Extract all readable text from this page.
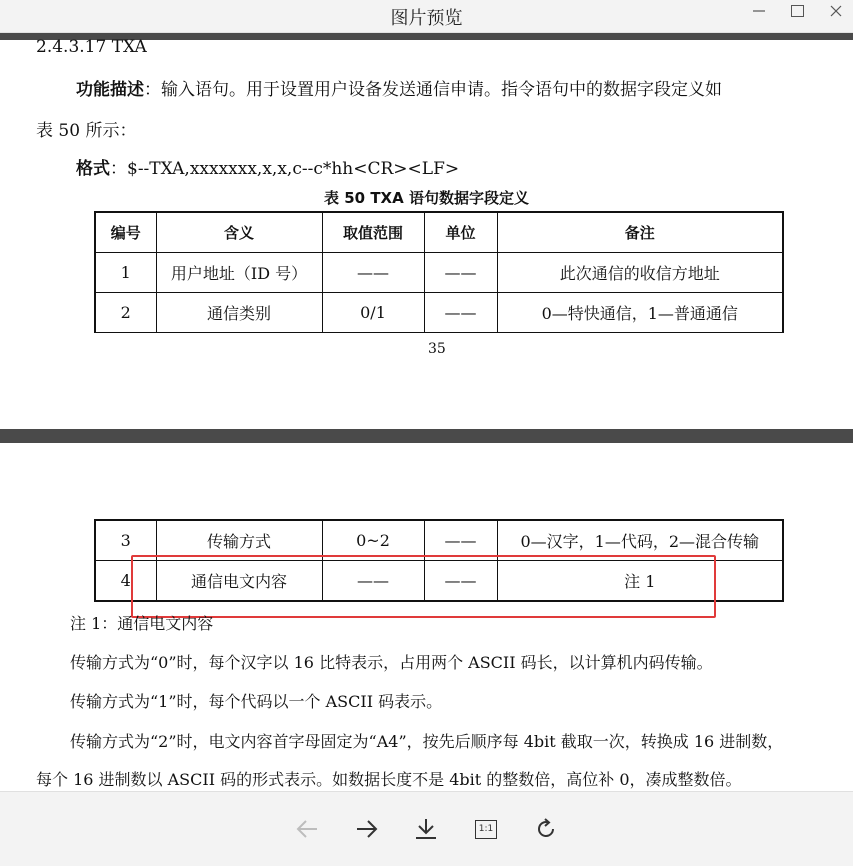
图片预览
2.4.3.17 TXA
功能描述：输入语句。用于设置用户设备发送通信申请。指令语句中的数据字段定义如
表 50 所示：
格式：$--TXA,xxxxxxx,x,x,c--c*hh<CR><LF>
表 50 TXA 语句数据字段定义
编号	含义	取值范围	单位	备注
1	用户地址（ID 号）	——	——	此次通信的收信方地址
2	通信类别	0/1	——	0—特快通信，1—普通通信
35
3	传输方式	0~2	——	0—汉字，1—代码，2—混合传输
4	通信电文内容	——	——	注 1
注 1：通信电文内容
传输方式为“0”时，每个汉字以 16 比特表示，占用两个 ASCII 码长，以计算机内码传输。
传输方式为“1”时，每个代码以一个 ASCII 码表示。
传输方式为“2”时，电文内容首字母固定为“A4”，按先后顺序每 4bit 截取一次，转换成 16 进制数，
每个 16 进制数以 ASCII 码的形式表示。如数据长度不是 4bit 的整数倍，高位补 0，凑成整数倍。
1:1
